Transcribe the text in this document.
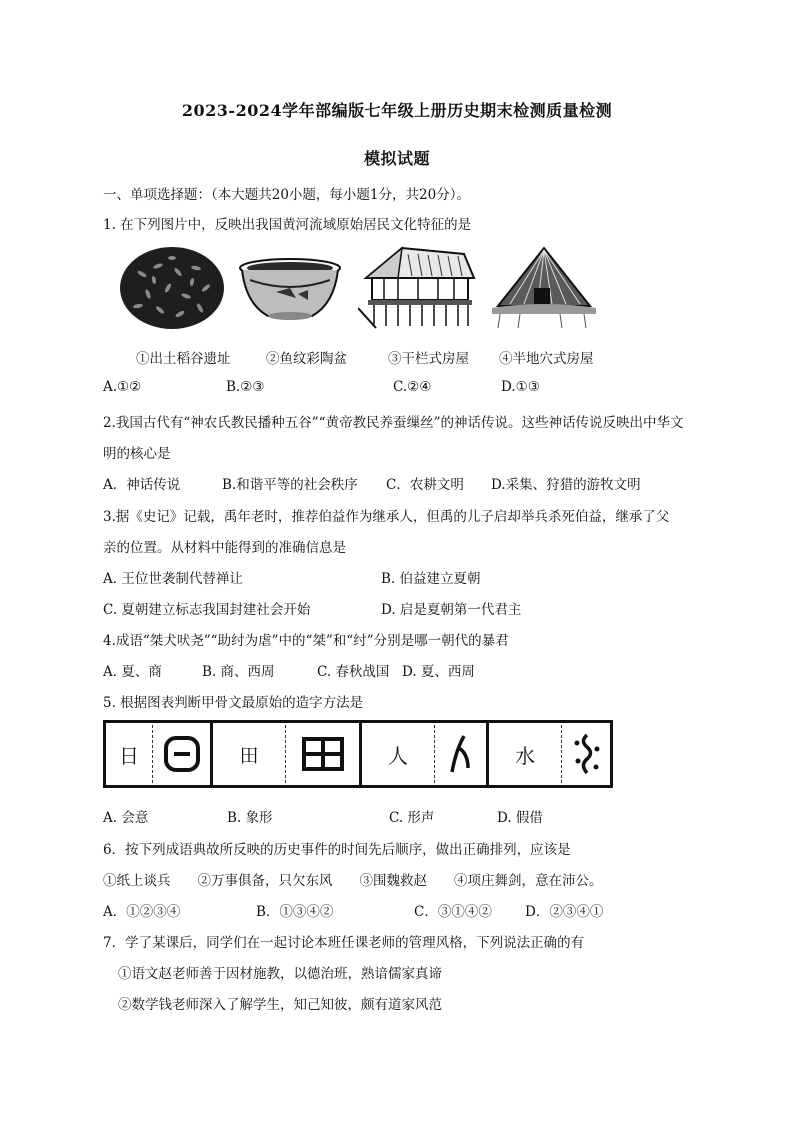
2023-2024学年部编版七年级上册历史期末检测质量检测
模拟试题
一、单项选择题：（本大题共20小题，每小题1分，共20分）。
1. 在下列图片中，反映出我国黄河流域原始居民文化特征的是
①出土稻谷遗址	②鱼纹彩陶盆	③干栏式房屋 ④半地穴式房屋
A.①②	B.②③	C.②④	D.①③
2.我国古代有“神农氏教民播种五谷”“黄帝教民养蚕缫丝”的神话传说。这些神话传说反映出中华文
明的核心是
A．神话传说	B.和谐平等的社会秩序 C．农耕文明 D.采集、狩猎的游牧文明
3.据《史记》记载，禹年老时，推荐伯益作为继承人，但禹的儿子启却举兵杀死伯益，继承了父
亲的位置。从材料中能得到的准确信息是
A. 王位世袭制代替禅让	B. 伯益建立夏朝
C. 夏朝建立标志我国封建社会开始	D. 启是夏朝第一代君主
4.成语“桀犬吠尧”“助纣为虐”中的“桀”和“纣”分别是哪一朝代的暴君
A. 夏、商	B. 商、西周	C. 春秋战国 D. 夏、西周
5. 根据图表判断甲骨文最原始的造字方法是
日	田	人	水
A. 会意	B. 象形	C. 形声	D. 假借
6．按下列成语典故所反映的历史事件的时间先后顺序，做出正确排列，应该是
①纸上谈兵　　②万事俱备，只欠东风　　③围魏救赵　　④项庄舞剑，意在沛公。
A．①②③④	B．①③④②	C．③①④② D．②③④①
7．学了某课后，同学们在一起讨论本班任课老师的管理风格，下列说法正确的有
①语文赵老师善于因材施教，以德治班，熟谙儒家真谛
②数学钱老师深入了解学生，知己知彼，颇有道家风范
